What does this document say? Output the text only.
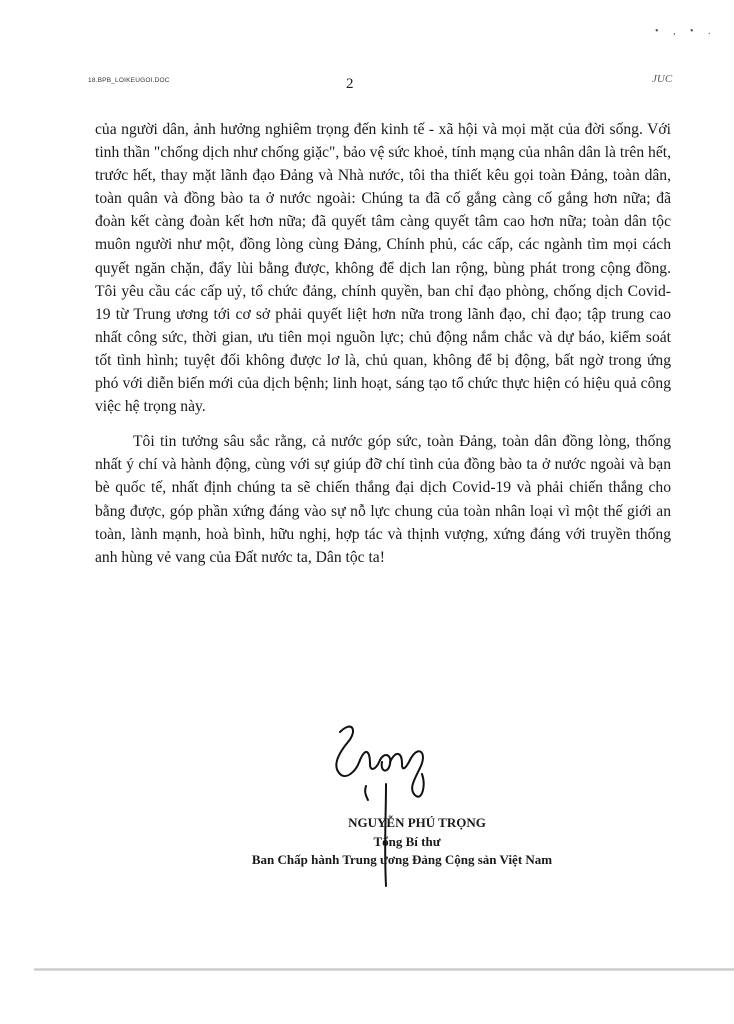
• , • .
18.BPB_LOIKEUGOI.DOC	2	JUC

của người dân, ảnh hưởng nghiêm trọng đến kinh tế - xã hội và mọi mặt của đời sống. Với tinh thần "chống dịch như chống giặc", bảo vệ sức khoẻ, tính mạng của nhân dân là trên hết, trước hết, thay mặt lãnh đạo Đảng và Nhà nước, tôi tha thiết kêu gọi toàn Đảng, toàn dân, toàn quân và đồng bào ta ở nước ngoài: Chúng ta đã cố gắng càng cố gắng hơn nữa; đã đoàn kết càng đoàn kết hơn nữa; đã quyết tâm càng quyết tâm cao hơn nữa; toàn dân tộc muôn người như một, đồng lòng cùng Đảng, Chính phủ, các cấp, các ngành tìm mọi cách quyết ngăn chặn, đẩy lùi bằng được, không để dịch lan rộng, bùng phát trong cộng đồng. Tôi yêu cầu các cấp uỷ, tổ chức đảng, chính quyền, ban chỉ đạo phòng, chống dịch Covid-19 từ Trung ương tới cơ sở phải quyết liệt hơn nữa trong lãnh đạo, chỉ đạo; tập trung cao nhất công sức, thời gian, ưu tiên mọi nguồn lực; chủ động nắm chắc và dự báo, kiểm soát tốt tình hình; tuyệt đối không được lơ là, chủ quan, không để bị động, bất ngờ trong ứng phó với diễn biến mới của dịch bệnh; linh hoạt, sáng tạo tổ chức thực hiện có hiệu quả công việc hệ trọng này.

Tôi tin tưởng sâu sắc rằng, cả nước góp sức, toàn Đảng, toàn dân đồng lòng, thống nhất ý chí và hành động, cùng với sự giúp đỡ chí tình của đồng bào ta ở nước ngoài và bạn bè quốc tế, nhất định chúng ta sẽ chiến thắng đại dịch Covid-19 và phải chiến thắng cho bằng được, góp phần xứng đáng vào sự nỗ lực chung của toàn nhân loại vì một thế giới an toàn, lành mạnh, hoà bình, hữu nghị, hợp tác và thịnh vượng, xứng đáng với truyền thống anh hùng vẻ vang của Đất nước ta, Dân tộc ta!

NGUYỄN PHÚ TRỌNG
Tổng Bí thư
Ban Chấp hành Trung ương Đảng Cộng sản Việt Nam
